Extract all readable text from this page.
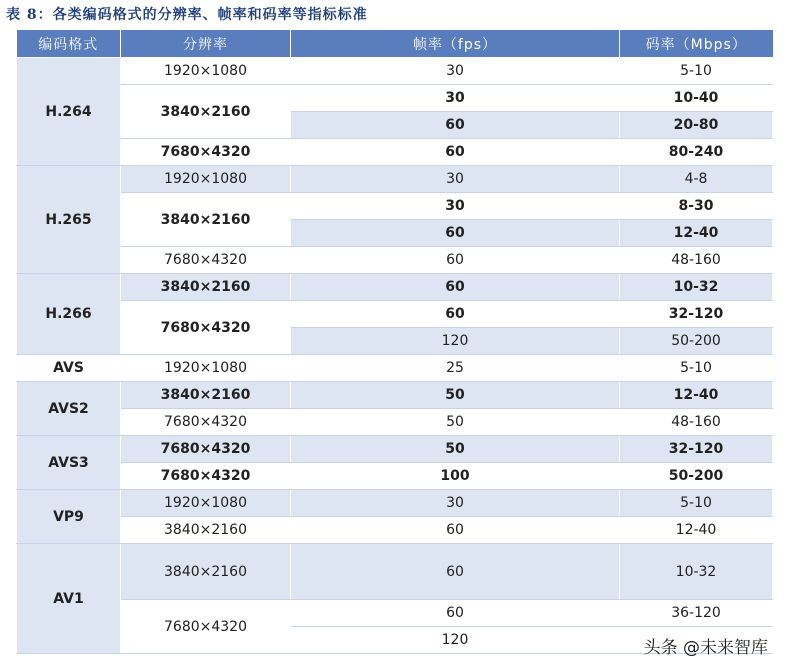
表 8：各类编码格式的分辨率、帧率和码率等指标标准
编码格式	分辨率	帧率（fps）	码率（Mbps）
H.264	1920×1080	30	5-10
	3840×2160	30	10-40
		60	20-80
	7680×4320	60	80-240
H.265	1920×1080	30	4-8
	3840×2160	30	8-30
		60	12-40
	7680×4320	60	48-160
H.266	3840×2160	60	10-32
	7680×4320	60	32-120
		120	50-200
AVS	1920×1080	25	5-10
AVS2	3840×2160	50	12-40
	7680×4320	50	48-160
AVS3	7680×4320	50	32-120
	7680×4320	100	50-200
VP9	1920×1080	30	5-10
	3840×2160	60	12-40
AV1	3840×2160	60	10-32
	7680×4320	60	36-120
		120		头条 @未来智库
